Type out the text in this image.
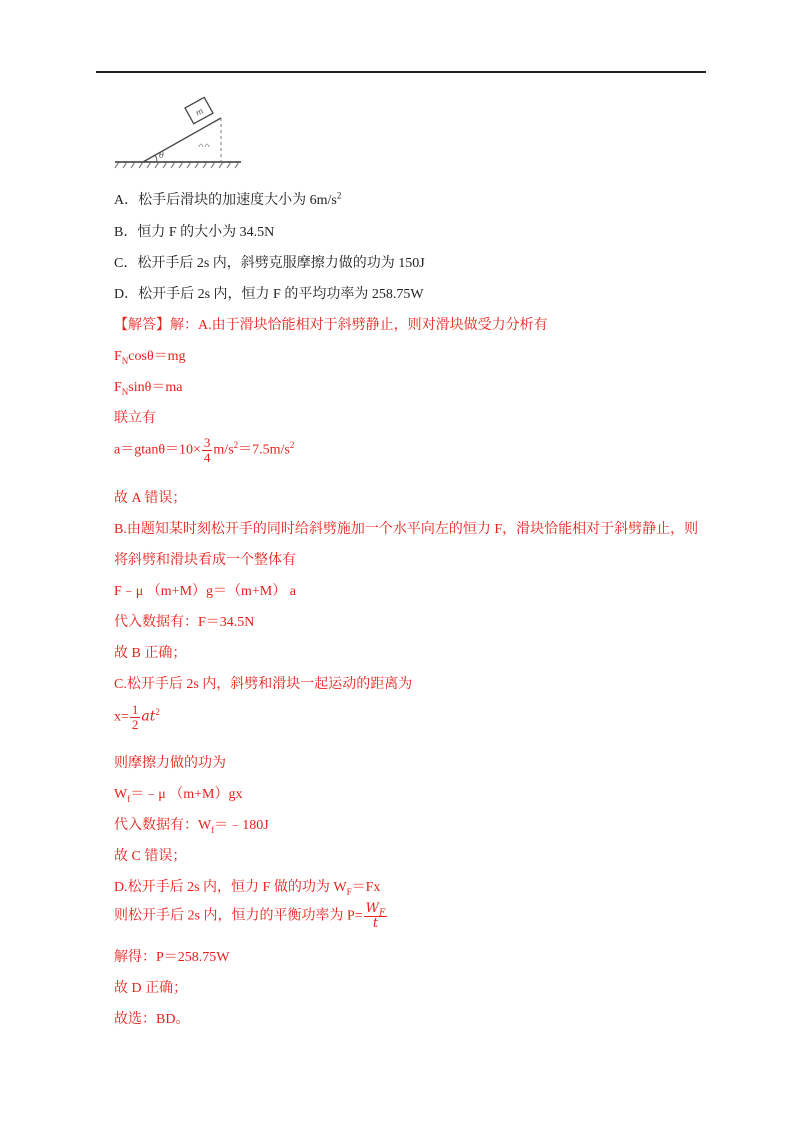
m
θ
A．松手后滑块的加速度大小为 $6m/s^2$
B．恒力 F 的大小为 34.5N
C．松开手后 2s 内，斜劈克服摩擦力做的功为 150J
D．松开手后 2s 内，恒力 F 的平均功率为 258.75W
【解答】解：A.由于滑块恰能相对于斜劈静止，则对滑块做受力分析有
$F_N\cos\theta=mg$
$F_N\sin\theta=ma$
联立有
$a=gtan\theta=10\times \frac{3}{4} m/s^2=7.5m/s^2$
故 A 错误；
B.由题知某时刻松开手的同时给斜劈施加一个水平向左的恒力 F，滑块恰能相对于斜劈静止，则
将斜劈和滑块看成一个整体有
F﹣μ （m+M）g＝（m+M） a
代入数据有：F＝34.5N
故 B 正确；
C.松开手后 2s 内，斜劈和滑块一起运动的距离为
$x= \frac{1}{2} at^2$
则摩擦力做的功为
$W_f=﹣\mu$ （m+M）gx
代入数据有：$W_f=﹣180J$
故 C 错误；
D.松开手后 2s 内，恒力 F 做的功为 $W_F=Fx$
则松开手后 2s 内，恒力的平衡功率为 $P= \frac{W_F}{t}$
解得：P＝258.75W
故 D 正确；
故选：BD。
